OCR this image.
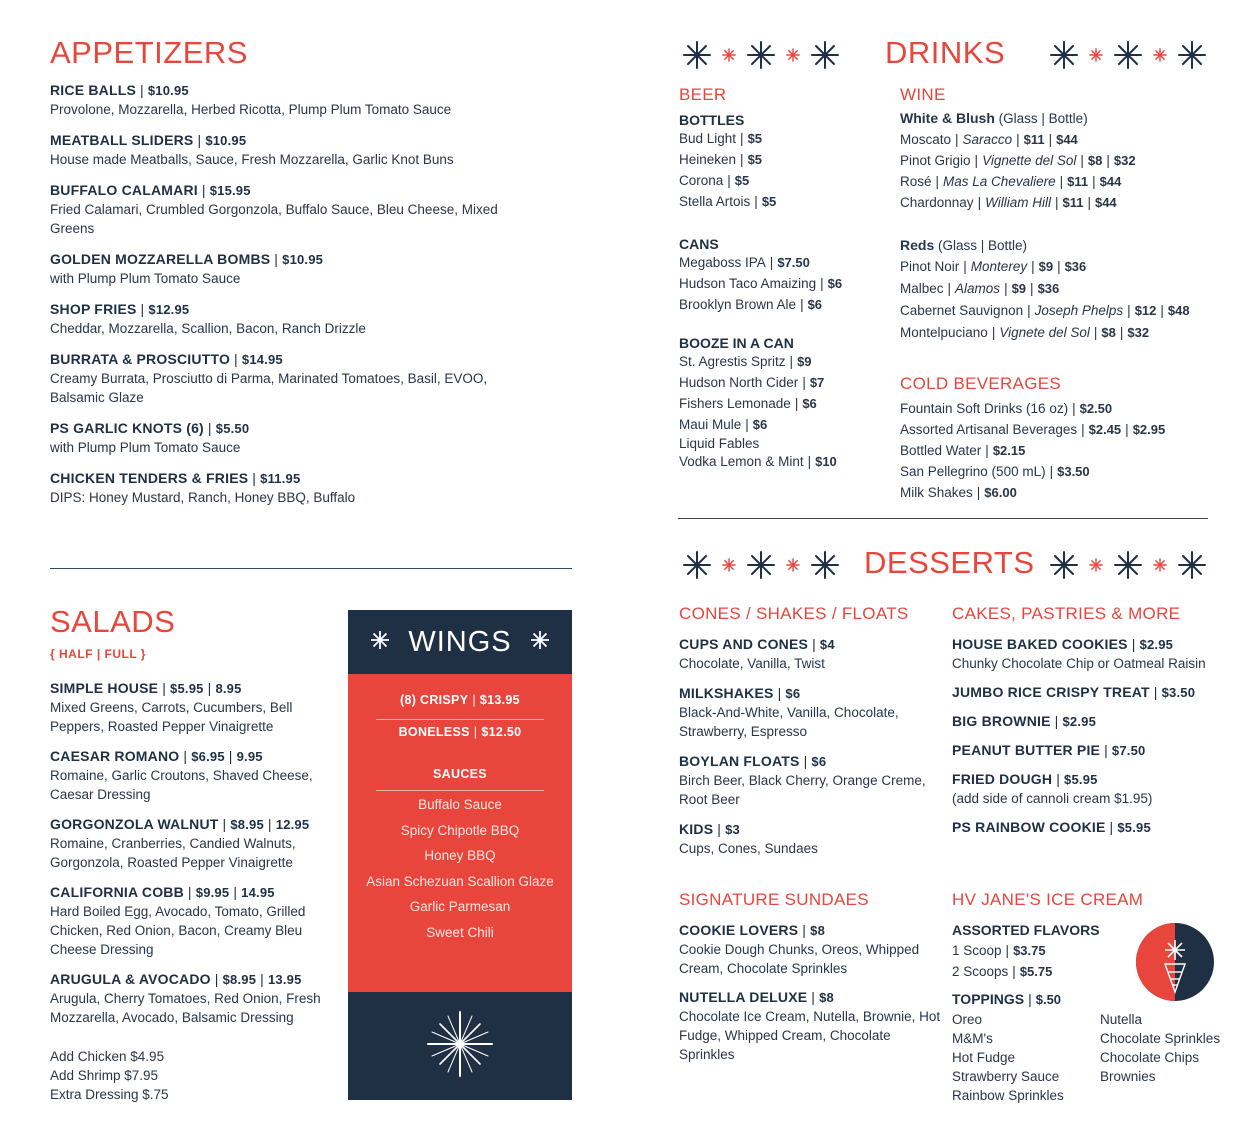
APPETIZERS
RICE BALLS | $10.95
Provolone, Mozzarella, Herbed Ricotta, Plump Plum Tomato Sauce
MEATBALL SLIDERS | $10.95
House made Meatballs, Sauce, Fresh Mozzarella, Garlic Knot Buns
BUFFALO CALAMARI | $15.95
Fried Calamari, Crumbled Gorgonzola, Buffalo Sauce, Bleu Cheese, Mixed Greens
GOLDEN MOZZARELLA BOMBS | $10.95
with Plump Plum Tomato Sauce
SHOP FRIES | $12.95
Cheddar, Mozzarella, Scallion, Bacon, Ranch Drizzle
BURRATA & PROSCIUTTO | $14.95
Creamy Burrata, Prosciutto di Parma, Marinated Tomatoes, Basil, EVOO, Balsamic Glaze
PS GARLIC KNOTS (6) | $5.50
with Plump Plum Tomato Sauce
CHICKEN TENDERS & FRIES | $11.95
DIPS: Honey Mustard, Ranch, Honey BBQ, Buffalo
SALADS
{ HALF | FULL }
SIMPLE HOUSE | $5.95 | 8.95
Mixed Greens, Carrots, Cucumbers, Bell Peppers, Roasted Pepper Vinaigrette
CAESAR ROMANO | $6.95 | 9.95
Romaine, Garlic Croutons, Shaved Cheese, Caesar Dressing
GORGONZOLA WALNUT | $8.95 | 12.95
Romaine, Cranberries, Candied Walnuts, Gorgonzola, Roasted Pepper Vinaigrette
CALIFORNIA COBB | $9.95 | 14.95
Hard Boiled Egg, Avocado, Tomato, Grilled Chicken, Red Onion, Bacon, Creamy Bleu Cheese Dressing
ARUGULA & AVOCADO | $8.95 | 13.95
Arugula, Cherry Tomatoes, Red Onion, Fresh Mozzarella, Avocado, Balsamic Dressing
Add Chicken $4.95
Add Shrimp $7.95
Extra Dressing $.75
WINGS
(8) CRISPY | $13.95
BONELESS | $12.50
SAUCES
Buffalo Sauce
Spicy Chipotle BBQ
Honey BBQ
Asian Schezuan Scallion Glaze
Garlic Parmesan
Sweet Chili
DRINKS
BEER
BOTTLES
Bud Light | $5
Heineken | $5
Corona | $5
Stella Artois | $5
CANS
Megaboss IPA | $7.50
Hudson Taco Amaizing | $6
Brooklyn Brown Ale | $6
BOOZE IN A CAN
St. Agrestis Spritz | $9
Hudson North Cider | $7
Fishers Lemonade | $6
Maui Mule | $6
Liquid Fables
Vodka Lemon & Mint | $10
WINE
White & Blush (Glass | Bottle)
Moscato | Saracco | $11 | $44
Pinot Grigio | Vignette del Sol | $8 | $32
Rosé | Mas La Chevaliere | $11 | $44
Chardonnay | William Hill | $11 | $44
Reds (Glass | Bottle)
Pinot Noir | Monterey | $9 | $36
Malbec | Alamos | $9 | $36
Cabernet Sauvignon | Joseph Phelps | $12 | $48
Montelpuciano | Vignete del Sol | $8 | $32
COLD BEVERAGES
Fountain Soft Drinks (16 oz) | $2.50
Assorted Artisanal Beverages | $2.45 | $2.95
Bottled Water | $2.15
San Pellegrino (500 mL) | $3.50
Milk Shakes | $6.00
DESSERTS
CONES / SHAKES / FLOATS
CUPS AND CONES | $4
Chocolate, Vanilla, Twist
MILKSHAKES | $6
Black-And-White, Vanilla, Chocolate, Strawberry, Espresso
BOYLAN FLOATS | $6
Birch Beer, Black Cherry, Orange Creme, Root Beer
KIDS | $3
Cups, Cones, Sundaes
SIGNATURE SUNDAES
COOKIE LOVERS | $8
Cookie Dough Chunks, Oreos, Whipped Cream, Chocolate Sprinkles
NUTELLA DELUXE | $8
Chocolate Ice Cream, Nutella, Brownie, Hot Fudge, Whipped Cream, Chocolate Sprinkles
CAKES, PASTRIES & MORE
HOUSE BAKED COOKIES | $2.95
Chunky Chocolate Chip or Oatmeal Raisin
JUMBO RICE CRISPY TREAT | $3.50
BIG BROWNIE | $2.95
PEANUT BUTTER PIE | $7.50
FRIED DOUGH | $5.95
(add side of cannoli cream $1.95)
PS RAINBOW COOKIE | $5.95
HV JANE'S ICE CREAM
ASSORTED FLAVORS
1 Scoop | $3.75
2 Scoops | $5.75
TOPPINGS | $.50
Oreo
M&M's
Hot Fudge
Strawberry Sauce
Rainbow Sprinkles
Nutella
Chocolate Sprinkles
Chocolate Chips
Brownies
